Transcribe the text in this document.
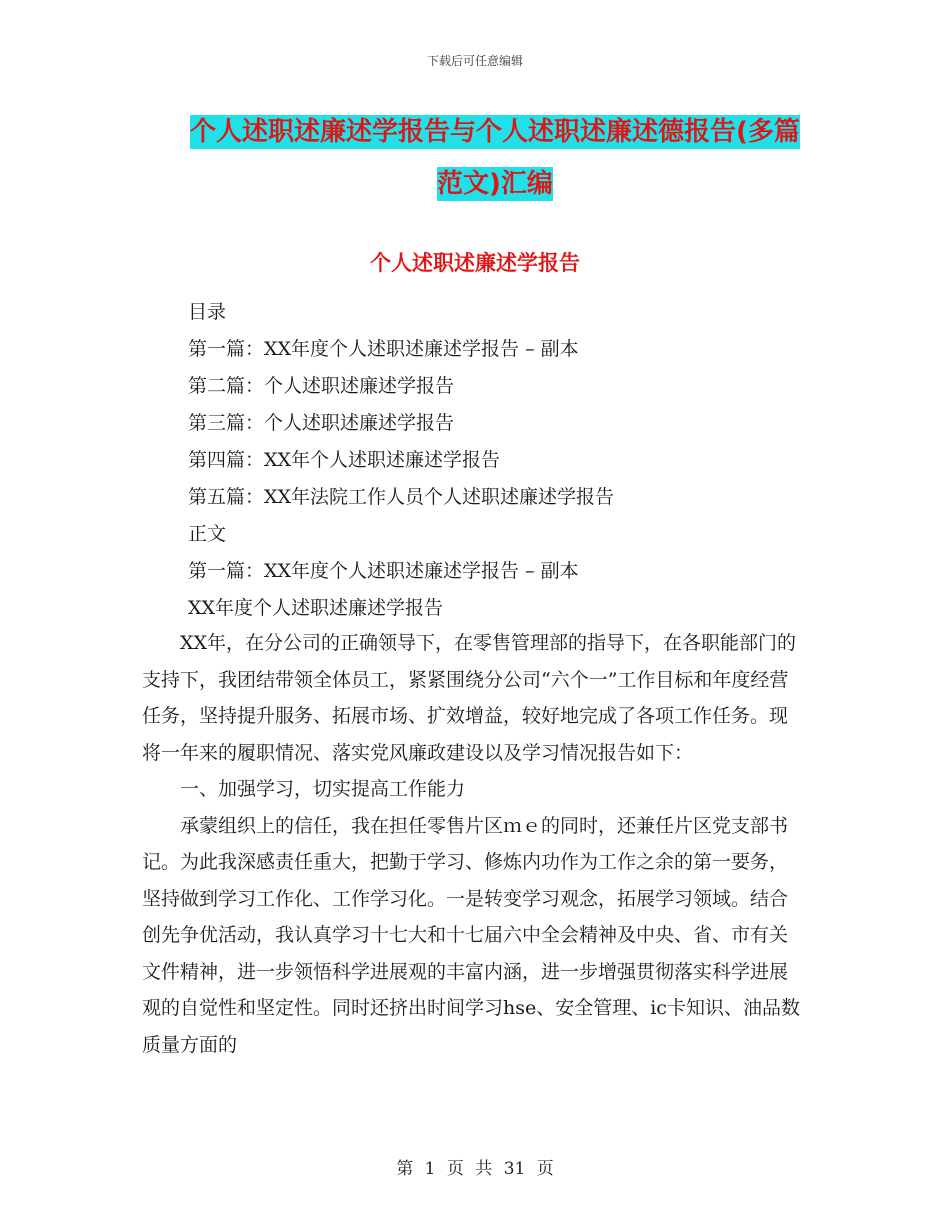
下载后可任意编辑
个人述职述廉述学报告与个人述职述廉述德报告(多篇
范文)汇编
个人述职述廉述学报告
目录
第一篇：XX年度个人述职述廉述学报告 – 副本
第二篇：个人述职述廉述学报告
第三篇：个人述职述廉述学报告
第四篇：XX年个人述职述廉述学报告
第五篇：XX年法院工作人员个人述职述廉述学报告
正文
第一篇：XX年度个人述职述廉述学报告 – 副本
XX年度个人述职述廉述学报告

XX年，在分公司的正确领导下，在零售管理部的指导下，在各职能部门的支持下，我团结带领全体员工，紧紧围绕分公司“六个一”工作目标和年度经营任务，坚持提升服务、拓展市场、扩效增益，较好地完成了各项工作任务。现将一年来的履职情况、落实党风廉政建设以及学习情况报告如下：

一、加强学习，切实提高工作能力

承蒙组织上的信任，我在担任零售片区ｍｅ的同时，还兼任片区党支部书记。为此我深感责任重大，把勤于学习、修炼内功作为工作之余的第一要务，坚持做到学习工作化、工作学习化。一是转变学习观念，拓展学习领域。结合创先争优活动，我认真学习十七大和十七届六中全会精神及中央、省、市有关文件精神，进一步领悟科学进展观的丰富内涵，进一步增强贯彻落实科学进展观的自觉性和坚定性。同时还挤出时间学习hse、安全管理、ic卡知识、油品数质量方面的

第 1 页 共 31 页
